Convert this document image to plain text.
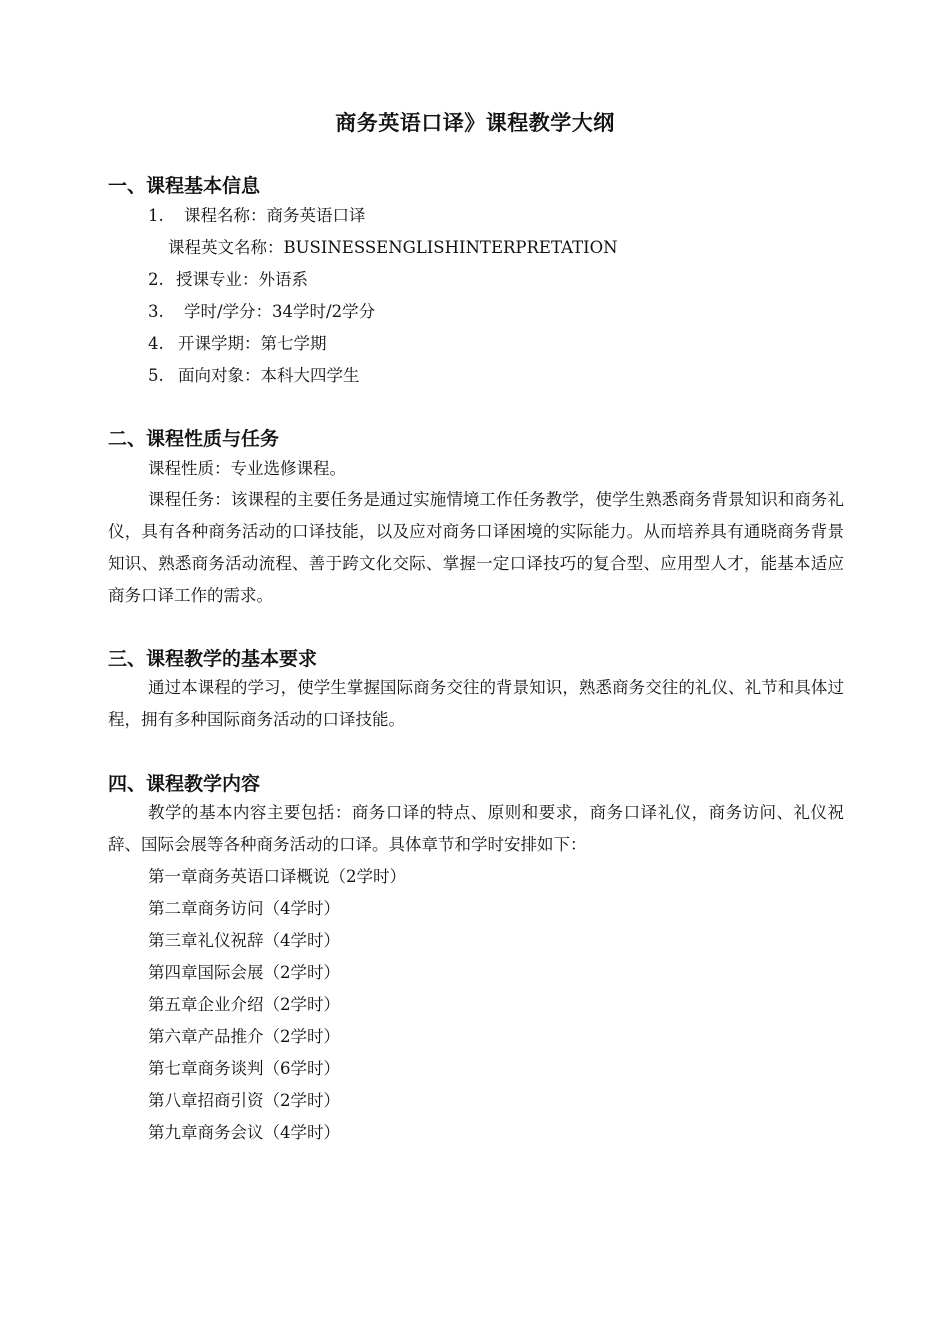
商务英语口译》课程教学大纲
一、课程基本信息
1. 课程名称：商务英语口译
课程英文名称：BUSINESSENGLISHINTERPRETATION
2. 授课专业：外语系
3. 学时/学分：34学时/2学分
4. 开课学期：第七学期
5. 面向对象：本科大四学生
二、课程性质与任务
课程性质：专业选修课程。

课程任务：该课程的主要任务是通过实施情境工作任务教学，使学生熟悉商务背景知识和商务礼仪，具有各种商务活动的口译技能，以及应对商务口译困境的实际能力。从而培养具有通晓商务背景知识、熟悉商务活动流程、善于跨文化交际、掌握一定口译技巧的复合型、应用型人才，能基本适应商务口译工作的需求。

三、课程教学的基本要求

通过本课程的学习，使学生掌握国际商务交往的背景知识，熟悉商务交往的礼仪、礼节和具体过程，拥有多种国际商务活动的口译技能。

四、课程教学内容

教学的基本内容主要包括：商务口译的特点、原则和要求，商务口译礼仪，商务访问、礼仪祝辞、国际会展等各种商务活动的口译。具体章节和学时安排如下：

第一章商务英语口译概说（2学时）
第二章商务访问（4学时）
第三章礼仪祝辞（4学时）
第四章国际会展（2学时）
第五章企业介绍（2学时）
第六章产品推介（2学时）
第七章商务谈判（6学时）
第八章招商引资（2学时）
第九章商务会议（4学时）
